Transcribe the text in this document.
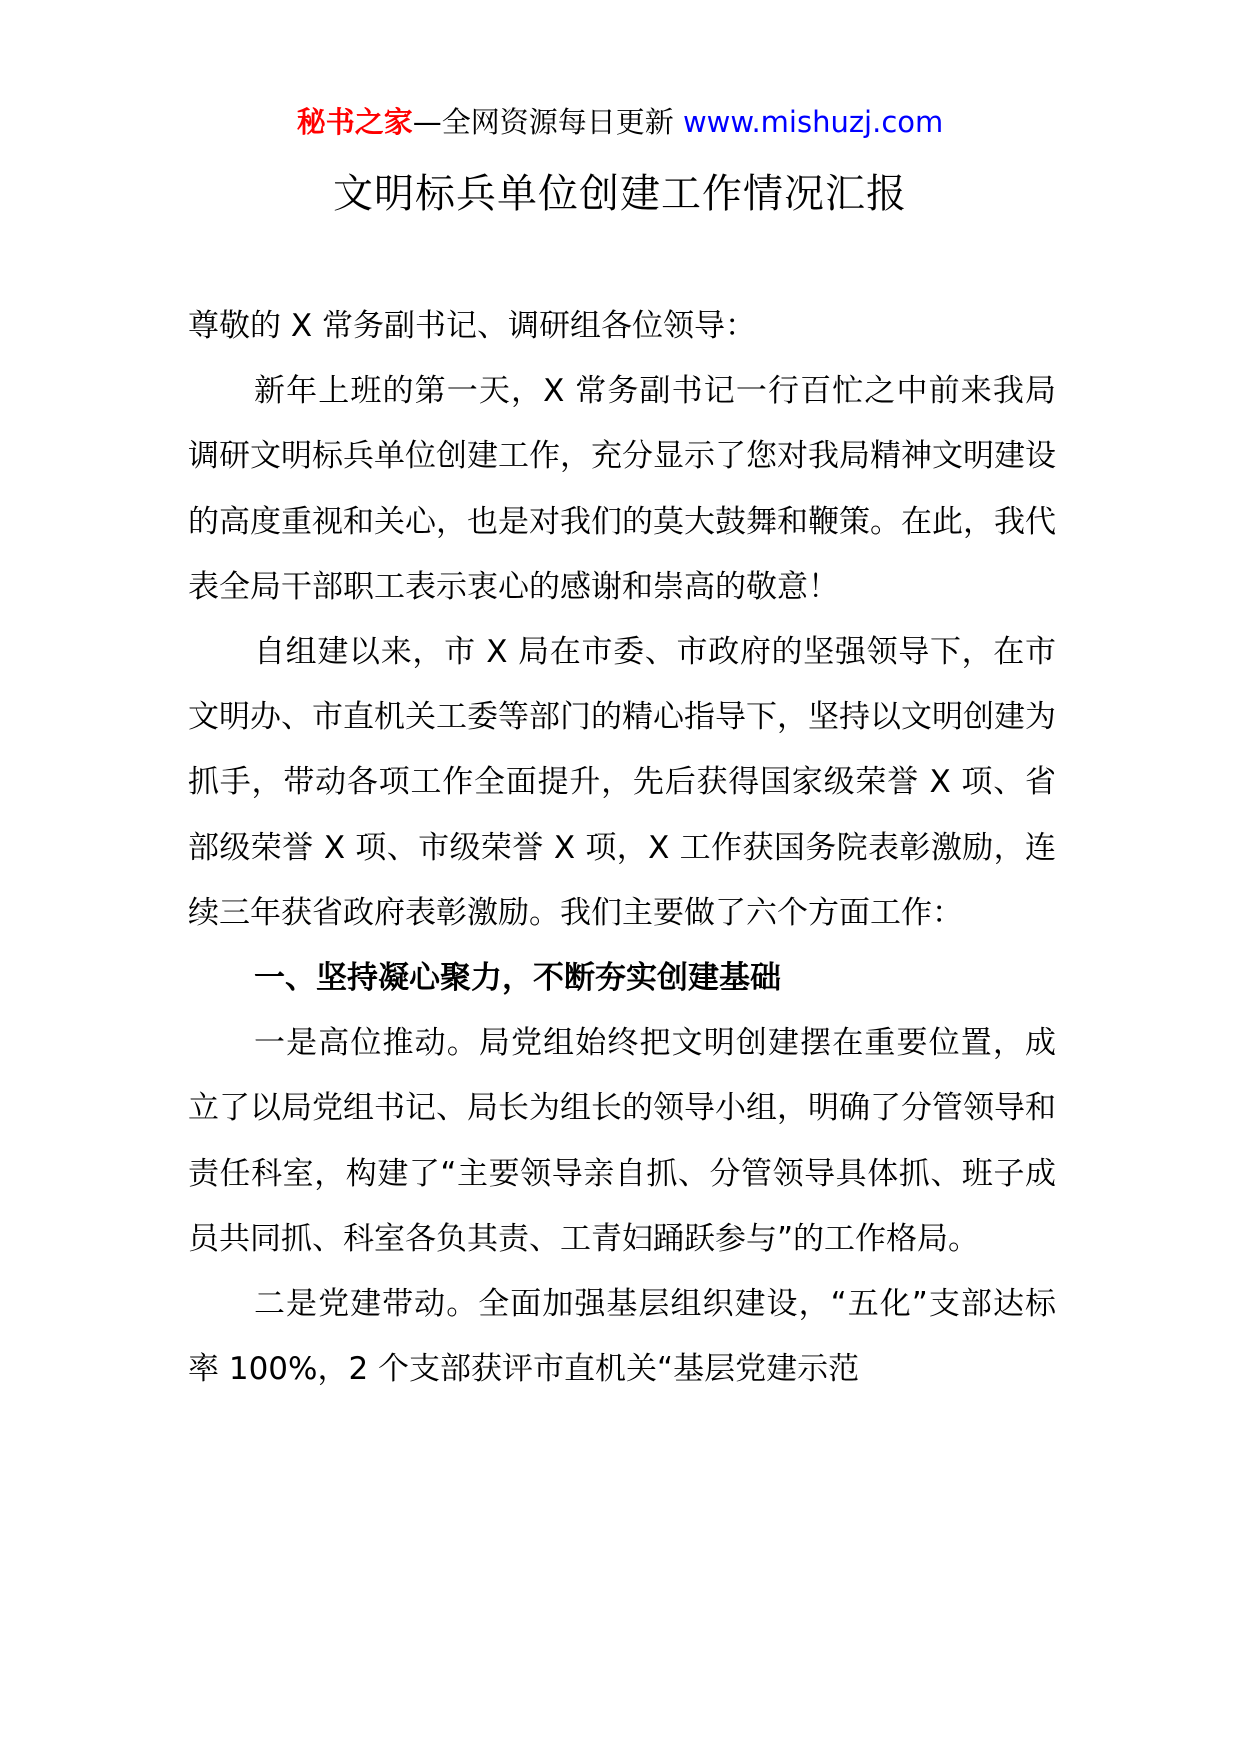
秘书之家—全网资源每日更新 www.mishuzj.com
文明标兵单位创建工作情况汇报

尊敬的 X 常务副书记、调研组各位领导：

新年上班的第一天，X 常务副书记一行百忙之中前来我局调研文明标兵单位创建工作，充分显示了您对我局精神文明建设的高度重视和关心，也是对我们的莫大鼓舞和鞭策。在此，我代表全局干部职工表示衷心的感谢和崇高的敬意！

自组建以来，市 X 局在市委、市政府的坚强领导下，在市文明办、市直机关工委等部门的精心指导下，坚持以文明创建为抓手，带动各项工作全面提升，先后获得国家级荣誉 X 项、省部级荣誉 X 项、市级荣誉 X 项，X 工作获国务院表彰激励，连续三年获省政府表彰激励。我们主要做了六个方面工作：

一、坚持凝心聚力，不断夯实创建基础

一是高位推动。局党组始终把文明创建摆在重要位置，成立了以局党组书记、局长为组长的领导小组，明确了分管领导和责任科室，构建了“主要领导亲自抓、分管领导具体抓、班子成员共同抓、科室各负其责、工青妇踊跃参与”的工作格局。

二是党建带动。全面加强基层组织建设，“五化”支部达标率 100%，2 个支部获评市直机关“基层党建示范
